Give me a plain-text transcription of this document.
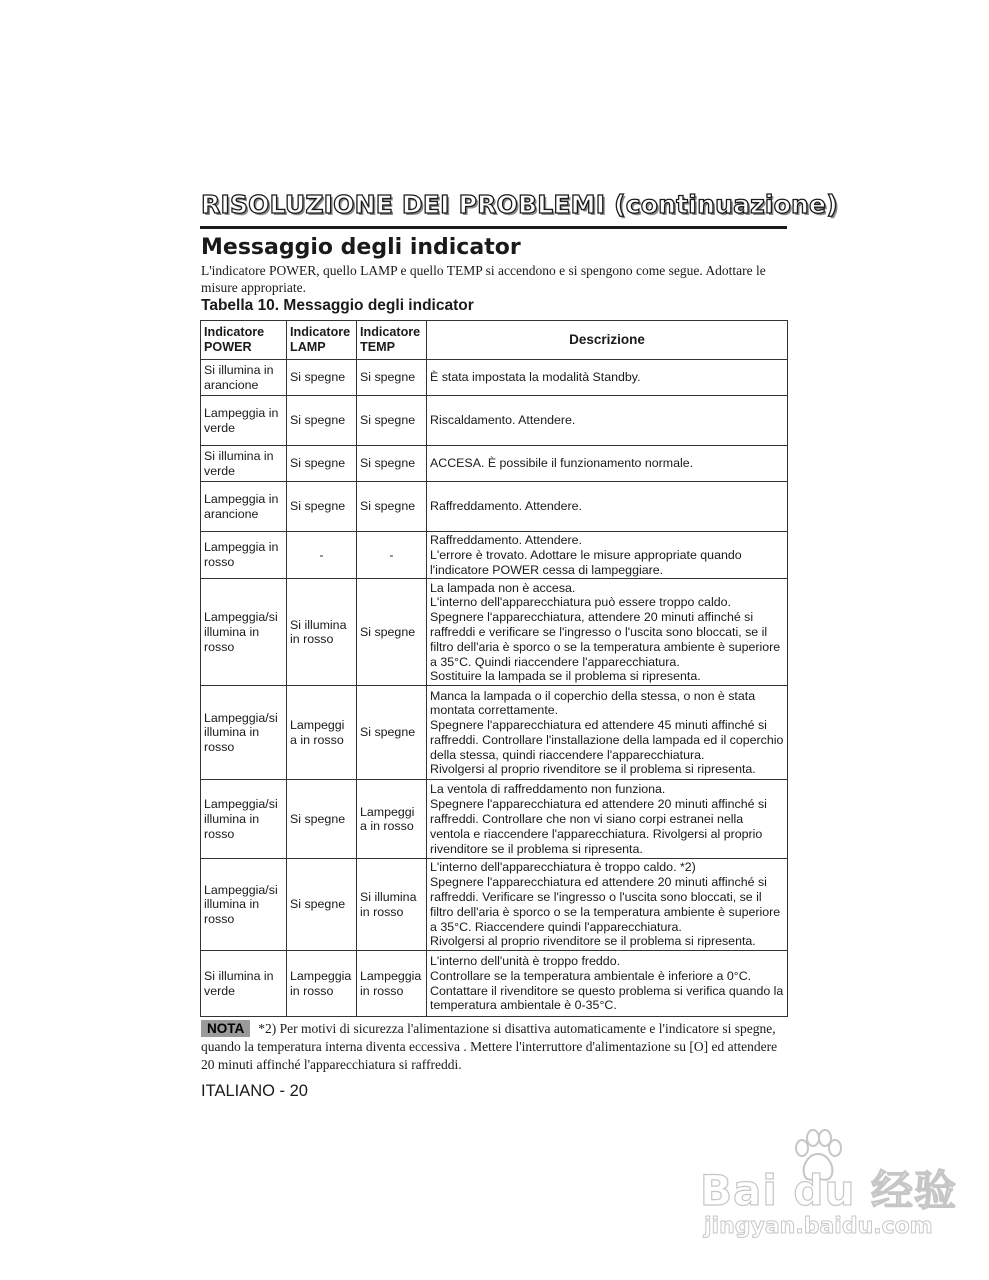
RISOLUZIONE DEI PROBLEMI (continuazione)
Messaggio degli indicator
L'indicatore POWER, quello LAMP e quello TEMP si accendono e si spengono come segue. Adottare le misure appropriate.
Tabella 10. Messaggio degli indicator
Indicatore POWER	Indicatore LAMP	Indicatore TEMP	Descrizione
Si illumina in arancione	Si spegne	Si spegne	È stata impostata la modalità Standby.
Lampeggia in verde	Si spegne	Si spegne	Riscaldamento. Attendere.
Si illumina in verde	Si spegne	Si spegne	ACCESA. È possibile il funzionamento normale.
Lampeggia in arancione	Si spegne	Si spegne	Raffreddamento. Attendere.
Lampeggia in rosso	-	-	Raffreddamento. Attendere.
L'errore è trovato. Adottare le misure appropriate quando l'indicatore POWER cessa di lampeggiare.
Lampeggia/si illumina in rosso	Si illumina in rosso	Si spegne	La lampada non è accesa.
L'interno dell'apparecchiatura può essere troppo caldo.
Spegnere l'apparecchiatura, attendere 20 minuti affinché si raffreddi e verificare se l'ingresso o l'uscita sono bloccati, se il filtro dell'aria è sporco o se la temperatura ambiente è superiore a 35°C. Quindi riaccendere l'apparecchiatura.
Sostituire la lampada se il problema si ripresenta.
Lampeggia/si illumina in rosso	Lampeggi a in rosso	Si spegne	Manca la lampada o il coperchio della stessa, o non è stata montata correttamente.
Spegnere l'apparecchiatura ed attendere 45 minuti affinché si raffreddi. Controllare l'installazione della lampada ed il coperchio della stessa, quindi riaccendere l'apparecchiatura.
Rivolgersi al proprio rivenditore se il problema si ripresenta.
Lampeggia/si illumina in rosso	Si spegne	Lampeggi a in rosso	La ventola di raffreddamento non funziona.
Spegnere l'apparecchiatura ed attendere 20 minuti affinché si raffreddi. Controllare che non vi siano corpi estranei nella ventola e riaccendere l'apparecchiatura. Rivolgersi al proprio rivenditore se il problema si ripresenta.
Lampeggia/si illumina in rosso	Si spegne	Si illumina in rosso	L'interno dell'apparecchiatura è troppo caldo. *2)
Spegnere l'apparecchiatura ed attendere 20 minuti affinché si raffreddi. Verificare se l'ingresso o l'uscita sono bloccati, se il filtro dell'aria è sporco o se la temperatura ambiente è superiore a 35°C. Riaccendere quindi l'apparecchiatura.
Rivolgersi al proprio rivenditore se il problema si ripresenta.
Si illumina in verde	Lampeggia in rosso	Lampeggia in rosso	L'interno dell'unità è troppo freddo.
Controllare se la temperatura ambientale è inferiore a 0°C.
Contattare il rivenditore se questo problema si verifica quando la temperatura ambientale è 0-35°C.
NOTA *2) Per motivi di sicurezza l'alimentazione si disattiva automaticamente e l'indicatore si spegne, quando la temperatura interna diventa eccessiva . Mettere l'interruttore d'alimentazione su [O] ed attendere 20 minuti affinché l'apparecchiatura si raffreddi.
ITALIANO - 20
Bai du 经验
jingyan.baidu.com
